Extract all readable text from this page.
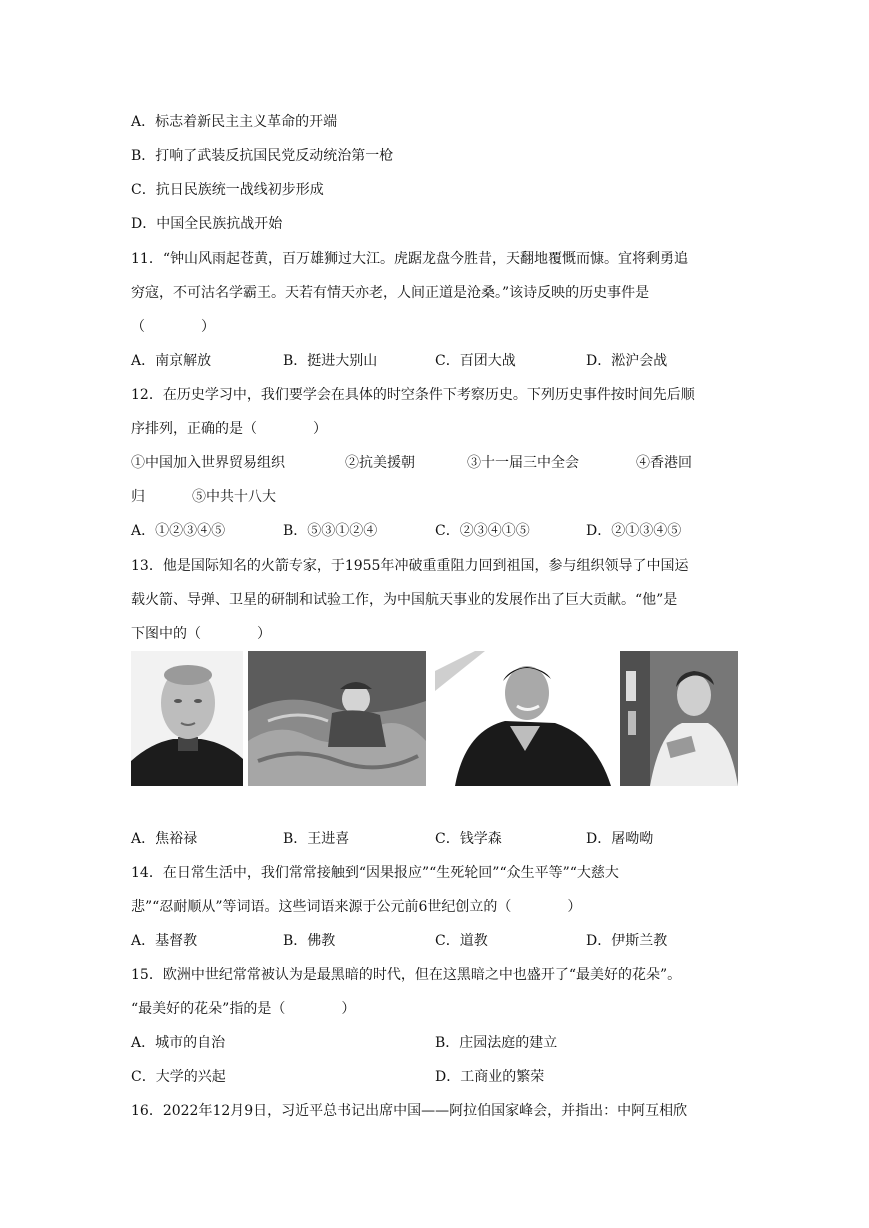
A．标志着新民主主义革命的开端
B．打响了武装反抗国民党反动统治第一枪
C．抗日民族统一战线初步形成
D．中国全民族抗战开始
11．“钟山风雨起苍黄，百万雄狮过大江。虎踞龙盘今胜昔，天翻地覆慨而慷。宜将剩勇追
穷寇，不可沽名学霸王。天若有情天亦老，人间正道是沧桑。”该诗反映的历史事件是
（　　　　）
A．南京解放	B．挺进大别山	C．百团大战	D．淞沪会战
12．在历史学习中，我们要学会在具体的时空条件下考察历史。下列历史事件按时间先后顺
序排列，正确的是（　　　　）
①中国加入世界贸易组织	②抗美援朝	③十一届三中全会	④香港回
归	⑤中共十八大
A．①②③④⑤	B．⑤③①②④	C．②③④①⑤	D．②①③④⑤
13．他是国际知名的火箭专家，于1955年冲破重重阻力回到祖国，参与组织领导了中国运
载火箭、导弹、卫星的研制和试验工作，为中国航天事业的发展作出了巨大贡献。“他”是
下图中的（　　　　）
A．焦裕禄	B．王进喜	C．钱学森	D．屠呦呦
14．在日常生活中，我们常常接触到“因果报应”“生死轮回”“众生平等”“大慈大
悲”“忍耐顺从”等词语。这些词语来源于公元前6世纪创立的（　　　　）
A．基督教	B．佛教	C．道教	D．伊斯兰教
15．欧洲中世纪常常被认为是最黑暗的时代，但在这黑暗之中也盛开了“最美好的花朵”。
“最美好的花朵”指的是（　　　　）
A．城市的自治	B．庄园法庭的建立
C．大学的兴起	D．工商业的繁荣
16．2022年12月9日，习近平总书记出席中国——阿拉伯国家峰会，并指出：中阿互相欣
